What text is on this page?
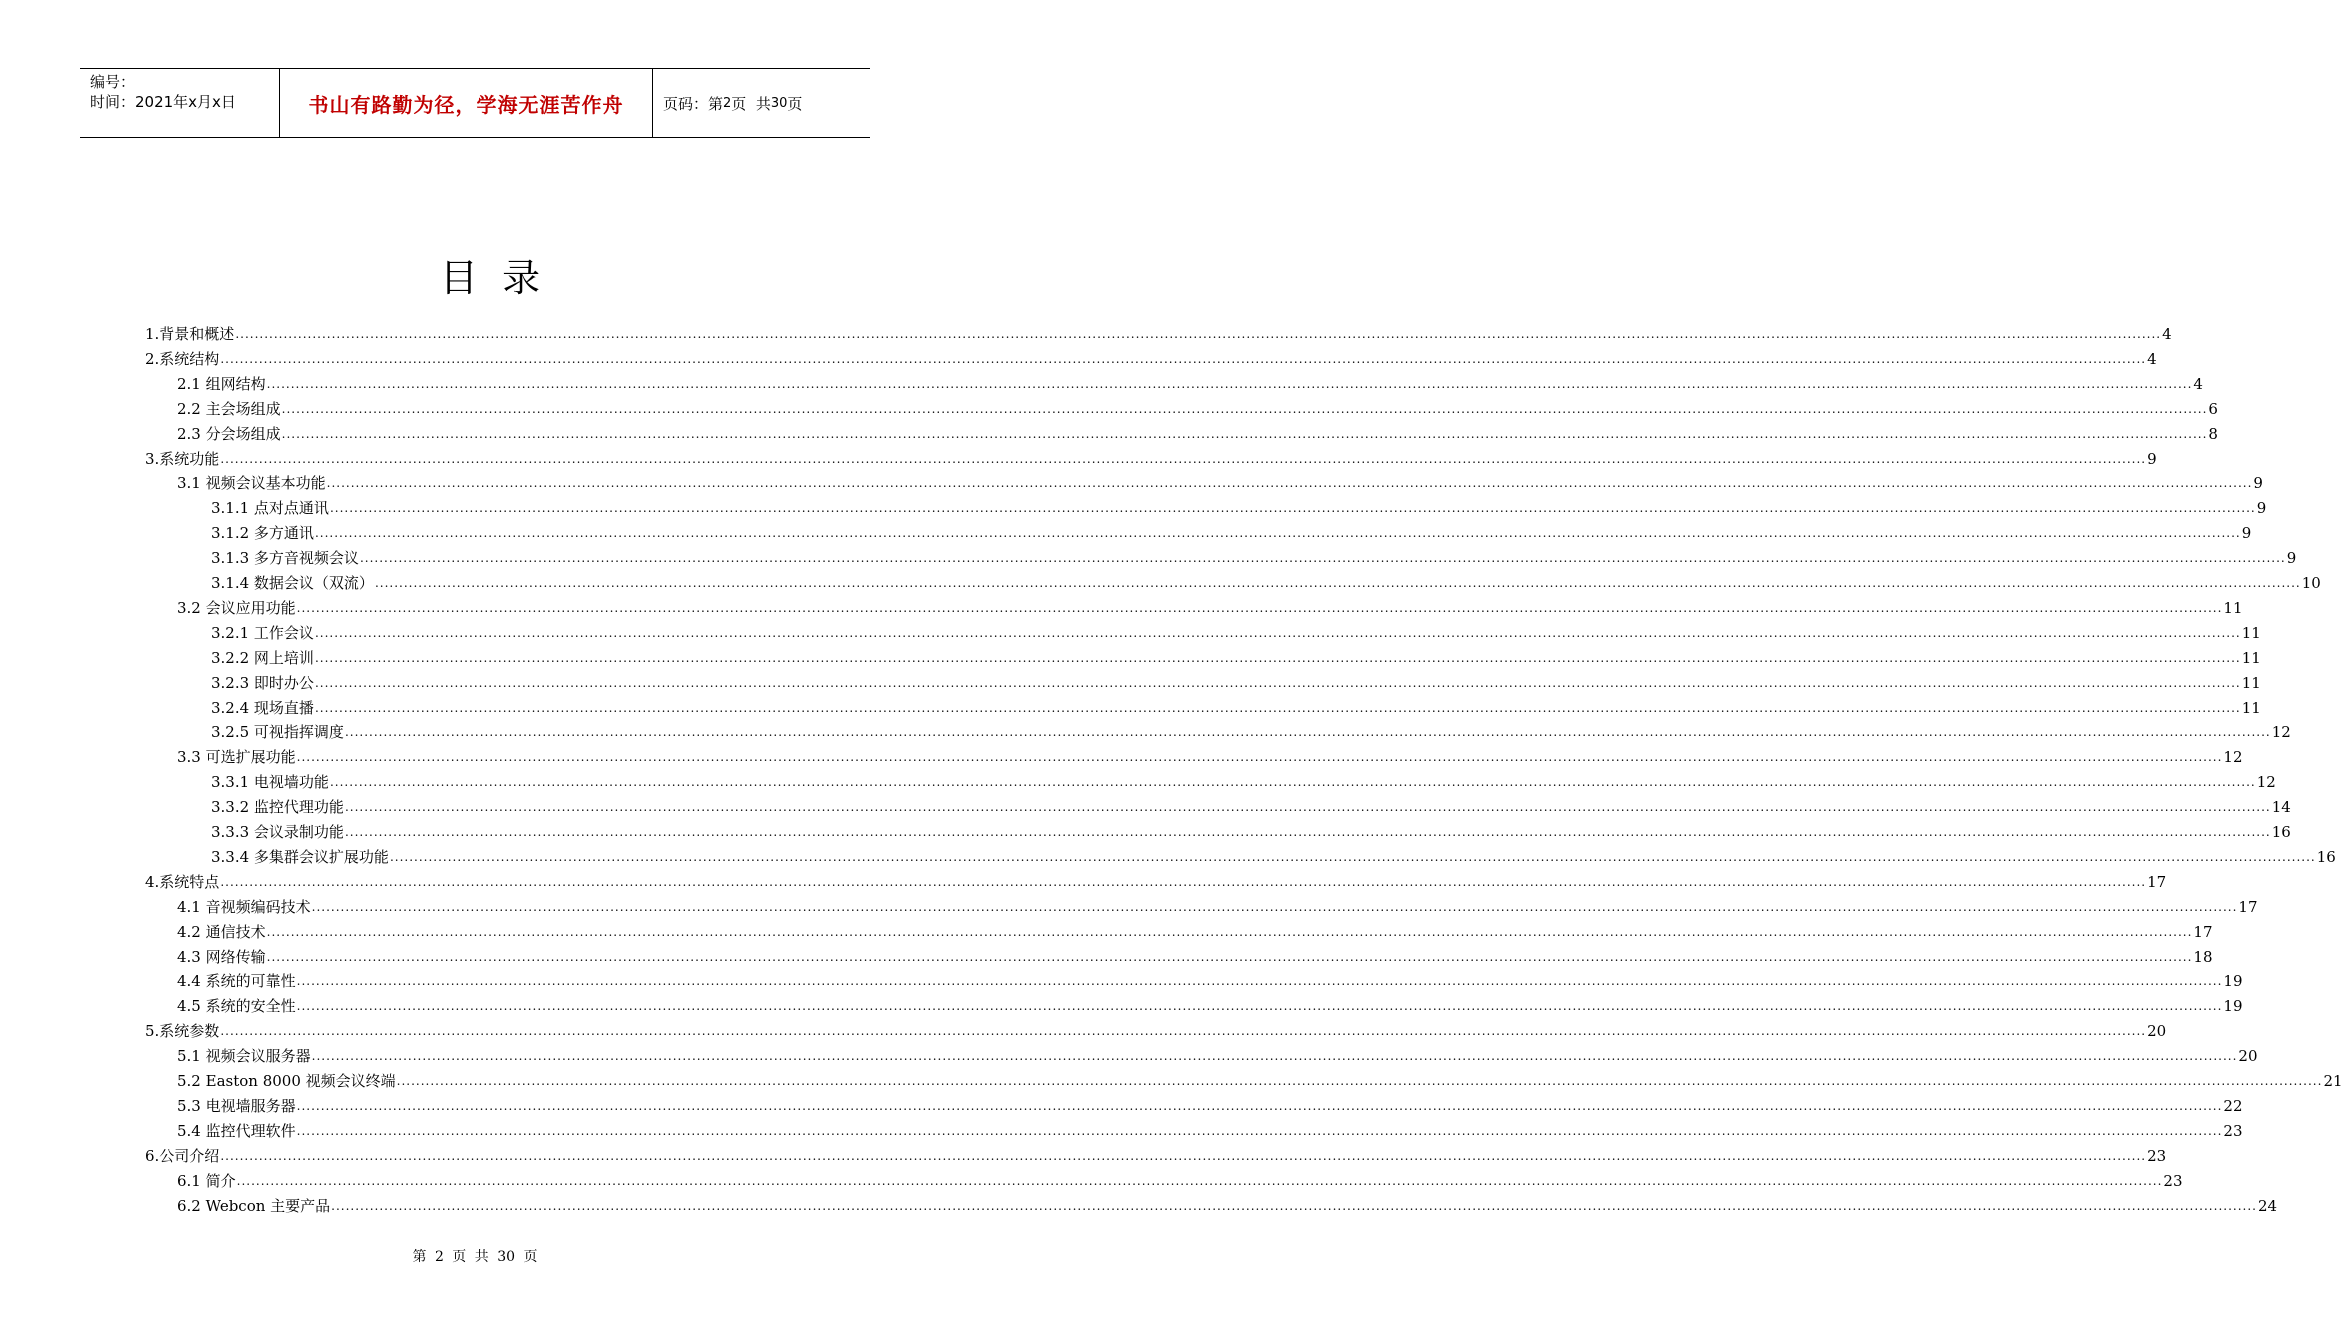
编号：
时间：2021年x月x日	书山有路勤为径，学海无涯苦作舟	页码：第 2 页  共 30 页
目  录
1.背景和概述 ................................................................................................................................................................................................................................................................................................................................................................................................................ 4
2.系统结构 ................................................................................................................................................................................................................................................................................................................................................................................................................ 4
2.1 组网结构 ................................................................................................................................................................................................................................................................................................................................................................................................................ 4
2.2 主会场组成 ................................................................................................................................................................................................................................................................................................................................................................................................................ 6
2.3 分会场组成 ................................................................................................................................................................................................................................................................................................................................................................................................................ 8
3.系统功能 ................................................................................................................................................................................................................................................................................................................................................................................................................ 9
3.1 视频会议基本功能 ................................................................................................................................................................................................................................................................................................................................................................................................................ 9
3.1.1 点对点通讯 ................................................................................................................................................................................................................................................................................................................................................................................................................ 9
3.1.2 多方通讯 ................................................................................................................................................................................................................................................................................................................................................................................................................ 9
3.1.3 多方音视频会议 ................................................................................................................................................................................................................................................................................................................................................................................................................ 9
3.1.4 数据会议（双流） ................................................................................................................................................................................................................................................................................................................................................................................................................ 10
3.2 会议应用功能 ................................................................................................................................................................................................................................................................................................................................................................................................................ 11
3.2.1 工作会议 ................................................................................................................................................................................................................................................................................................................................................................................................................ 11
3.2.2 网上培训 ................................................................................................................................................................................................................................................................................................................................................................................................................ 11
3.2.3 即时办公 ................................................................................................................................................................................................................................................................................................................................................................................................................ 11
3.2.4 现场直播 ................................................................................................................................................................................................................................................................................................................................................................................................................ 11
3.2.5 可视指挥调度 ................................................................................................................................................................................................................................................................................................................................................................................................................ 12
3.3 可选扩展功能 ................................................................................................................................................................................................................................................................................................................................................................................................................ 12
3.3.1 电视墙功能 ................................................................................................................................................................................................................................................................................................................................................................................................................ 12
3.3.2 监控代理功能 ................................................................................................................................................................................................................................................................................................................................................................................................................ 14
3.3.3 会议录制功能 ................................................................................................................................................................................................................................................................................................................................................................................................................ 16
3.3.4 多集群会议扩展功能 ................................................................................................................................................................................................................................................................................................................................................................................................................ 16
4.系统特点 ................................................................................................................................................................................................................................................................................................................................................................................................................ 17
4.1 音视频编码技术 ................................................................................................................................................................................................................................................................................................................................................................................................................ 17
4.2 通信技术 ................................................................................................................................................................................................................................................................................................................................................................................................................ 17
4.3 网络传输 ................................................................................................................................................................................................................................................................................................................................................................................................................ 18
4.4 系统的可靠性 ................................................................................................................................................................................................................................................................................................................................................................................................................ 19
4.5 系统的安全性 ................................................................................................................................................................................................................................................................................................................................................................................................................ 19
5.系统参数 ................................................................................................................................................................................................................................................................................................................................................................................................................ 20
5.1 视频会议服务器 ................................................................................................................................................................................................................................................................................................................................................................................................................ 20
5.2 Easton 8000 视频会议终端 ................................................................................................................................................................................................................................................................................................................................................................................................................ 21
5.3 电视墙服务器 ................................................................................................................................................................................................................................................................................................................................................................................................................ 22
5.4 监控代理软件 ................................................................................................................................................................................................................................................................................................................................................................................................................ 23
6.公司介绍 ................................................................................................................................................................................................................................................................................................................................................................................................................ 23
6.1 简介 ................................................................................................................................................................................................................................................................................................................................................................................................................ 23
6.2 Webcon 主要产品 ................................................................................................................................................................................................................................................................................................................................................................................................................ 24
第 2 页 共 30 页
